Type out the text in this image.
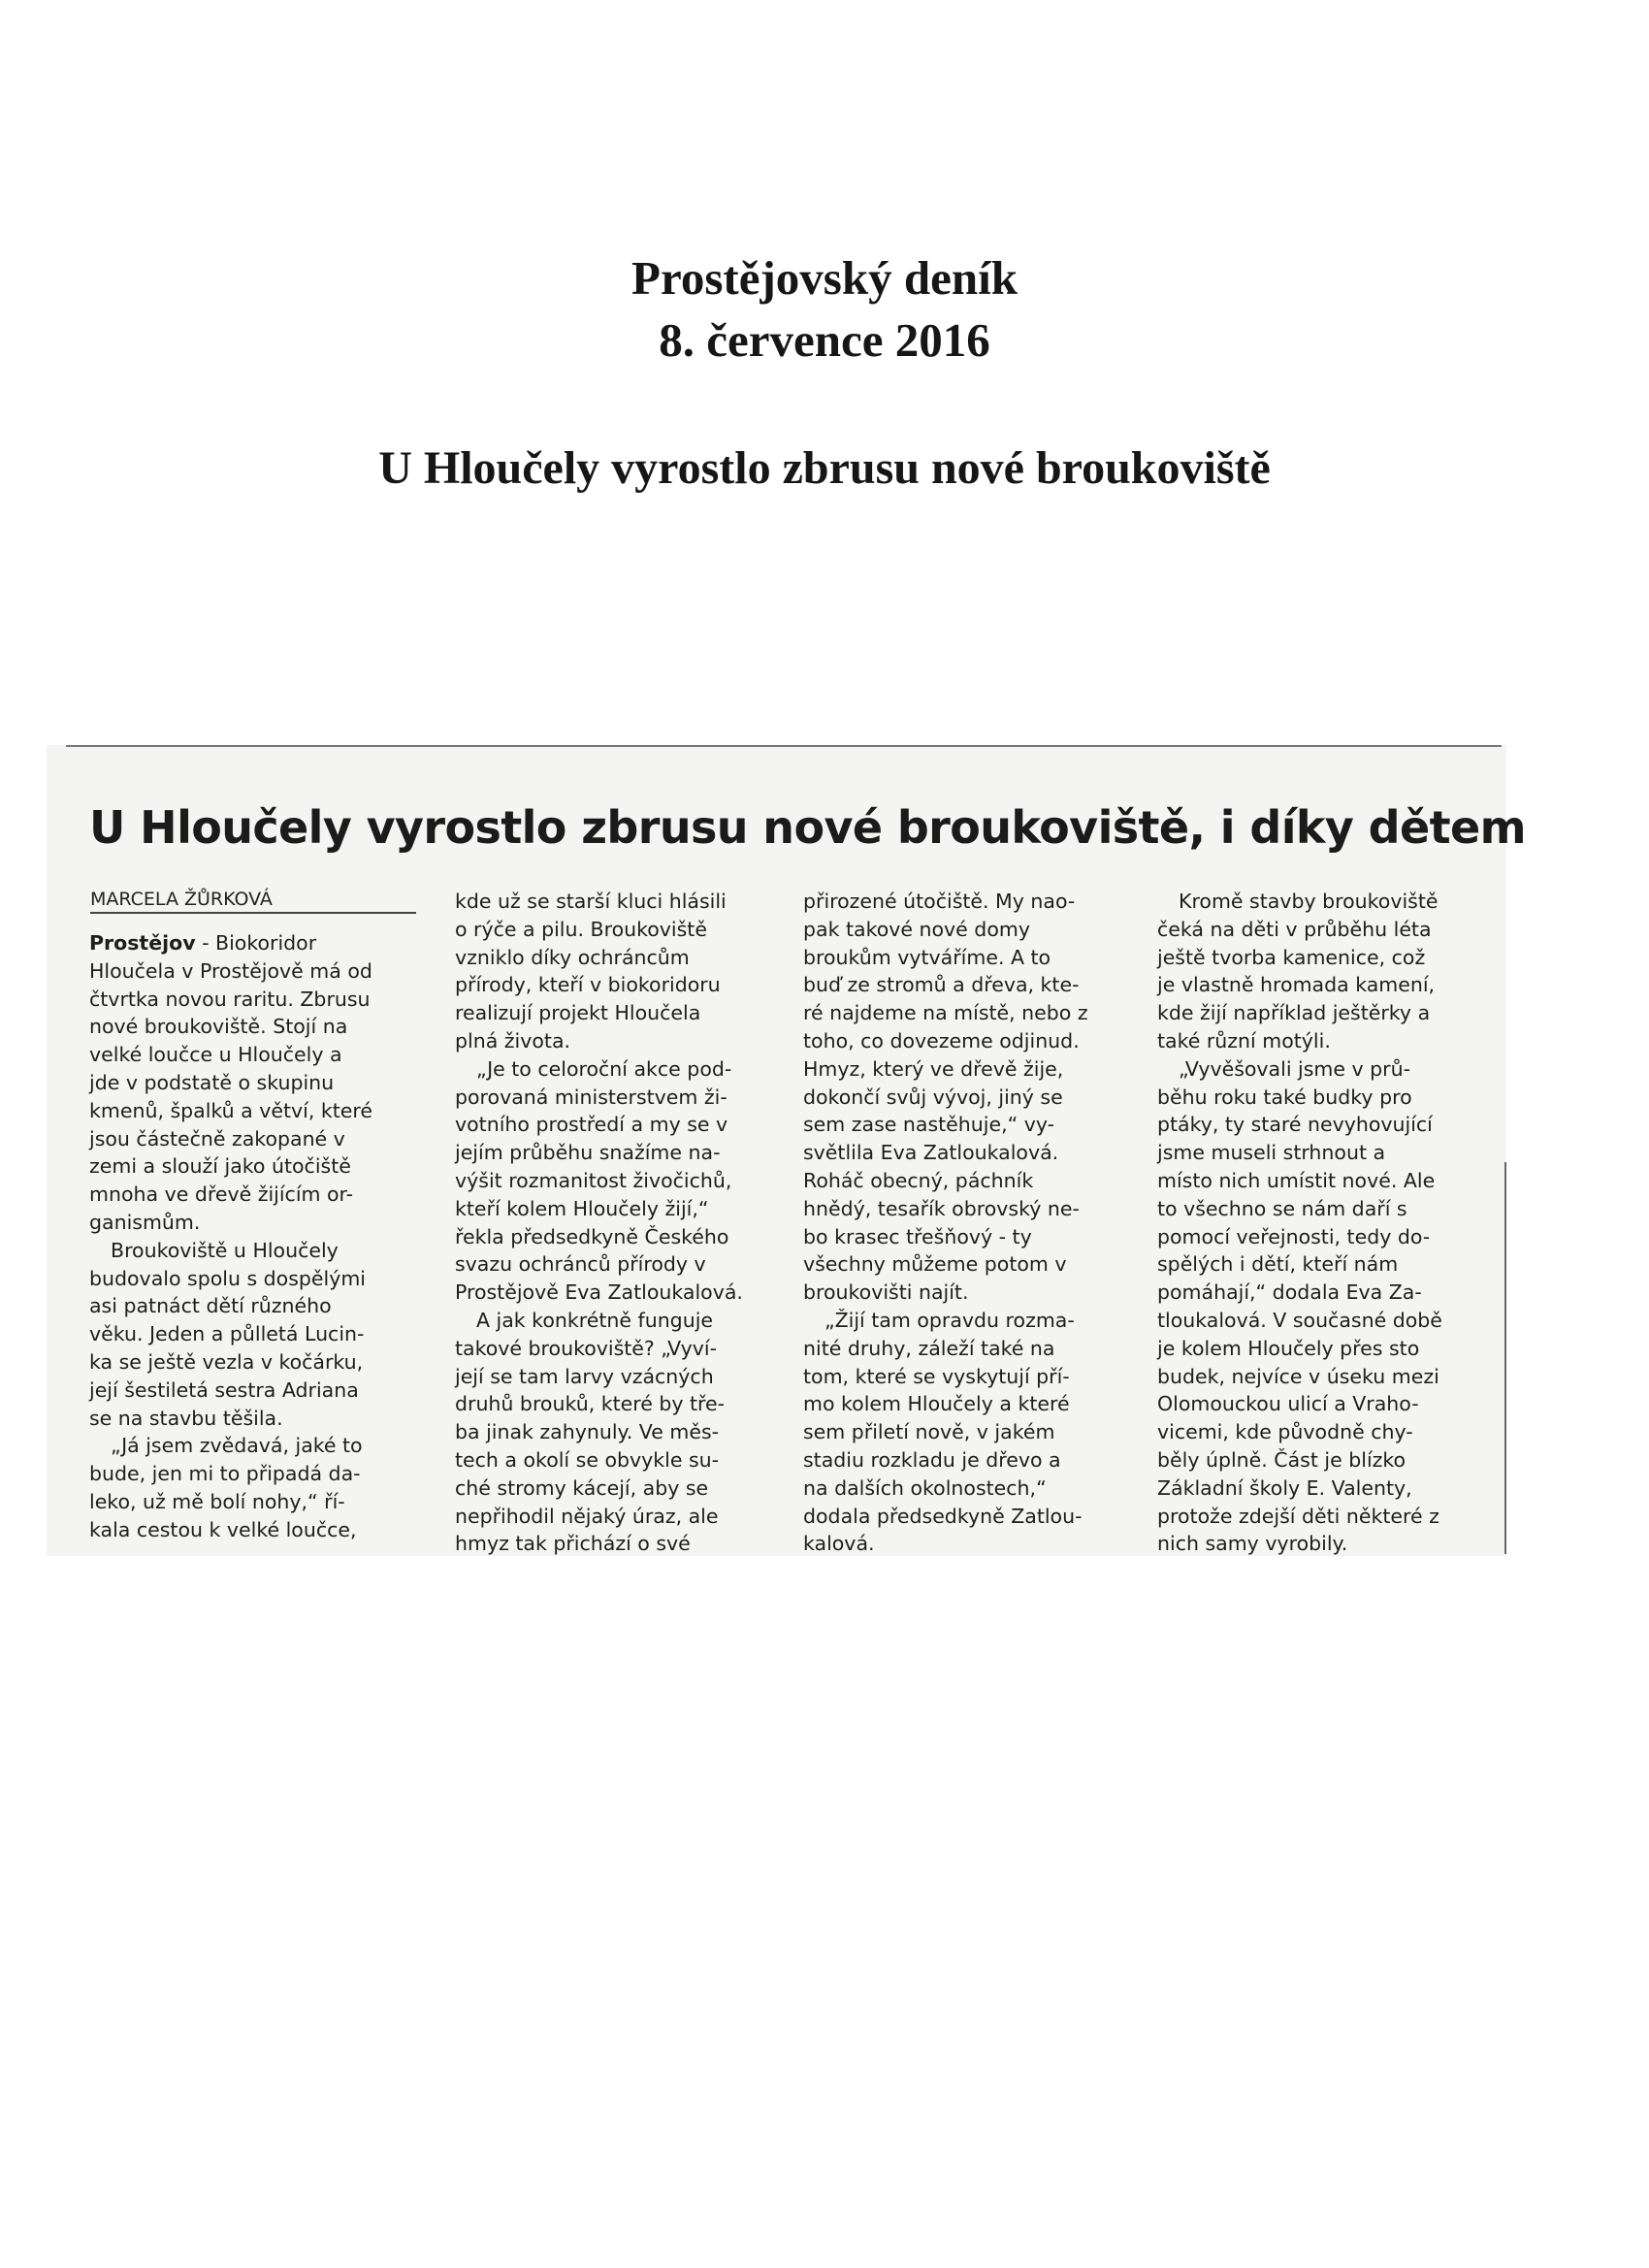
Prostějovský deník
8. července 2016
U Hloučely vyrostlo zbrusu nové broukoviště
U Hloučely vyrostlo zbrusu nové broukoviště, i díky dětem
MARCELA ŽŮRKOVÁ
Prostějov - Biokoridor
Hloučela v Prostějově má od
čtvrtka novou raritu. Zbrusu
nové broukoviště. Stojí na
velké loučce u Hloučely a
jde v podstatě o skupinu
kmenů, špalků a větví, které
jsou částečně zakopané v
zemi a slouží jako útočiště
mnoha ve dřevě žijícím or-
ganismům.
Broukoviště u Hloučely
budovalo spolu s dospělými
asi patnáct dětí různého
věku. Jeden a půlletá Lucin-
ka se ještě vezla v kočárku,
její šestiletá sestra Adriana
se na stavbu těšila.
„Já jsem zvědavá, jaké to
bude, jen mi to připadá da-
leko, už mě bolí nohy,“ ří-
kala cestou k velké loučce,
kde už se starší kluci hlásili
o rýče a pilu. Broukoviště
vzniklo díky ochráncům
přírody, kteří v biokoridoru
realizují projekt Hloučela
plná života.
„Je to celoroční akce pod-
porovaná ministerstvem ži-
votního prostředí a my se v
jejím průběhu snažíme na-
výšit rozmanitost živočichů,
kteří kolem Hloučely žijí,“
řekla předsedkyně Českého
svazu ochránců přírody v
Prostějově Eva Zatloukalová.
A jak konkrétně funguje
takové broukoviště? „Vyví-
její se tam larvy vzácných
druhů brouků, které by tře-
ba jinak zahynuly. Ve měs-
tech a okolí se obvykle su-
ché stromy kácejí, aby se
nepřihodil nějaký úraz, ale
hmyz tak přichází o své
přirozené útočiště. My nao-
pak takové nové domy
broukům vytváříme. A to
buď ze stromů a dřeva, kte-
ré najdeme na místě, nebo z
toho, co dovezeme odjinud.
Hmyz, který ve dřevě žije,
dokončí svůj vývoj, jiný se
sem zase nastěhuje,“ vy-
světlila Eva Zatloukalová.
Roháč obecný, páchník
hnědý, tesařík obrovský ne-
bo krasec třešňový - ty
všechny můžeme potom v
broukovišti najít.
„Žijí tam opravdu rozma-
nité druhy, záleží také na
tom, které se vyskytují pří-
mo kolem Hloučely a které
sem přiletí nově, v jakém
stadiu rozkladu je dřevo a
na dalších okolnostech,“
dodala předsedkyně Zatlou-
kalová.
Kromě stavby broukoviště
čeká na děti v průběhu léta
ještě tvorba kamenice, což
je vlastně hromada kamení,
kde žijí například ještěrky a
také různí motýli.
„Vyvěšovali jsme v prů-
běhu roku také budky pro
ptáky, ty staré nevyhovující
jsme museli strhnout a
místo nich umístit nové. Ale
to všechno se nám daří s
pomocí veřejnosti, tedy do-
spělých i dětí, kteří nám
pomáhají,“ dodala Eva Za-
tloukalová. V současné době
je kolem Hloučely přes sto
budek, nejvíce v úseku mezi
Olomouckou ulicí a Vraho-
vicemi, kde původně chy-
běly úplně. Část je blízko
Základní školy E. Valenty,
protože zdejší děti některé z
nich samy vyrobily.
